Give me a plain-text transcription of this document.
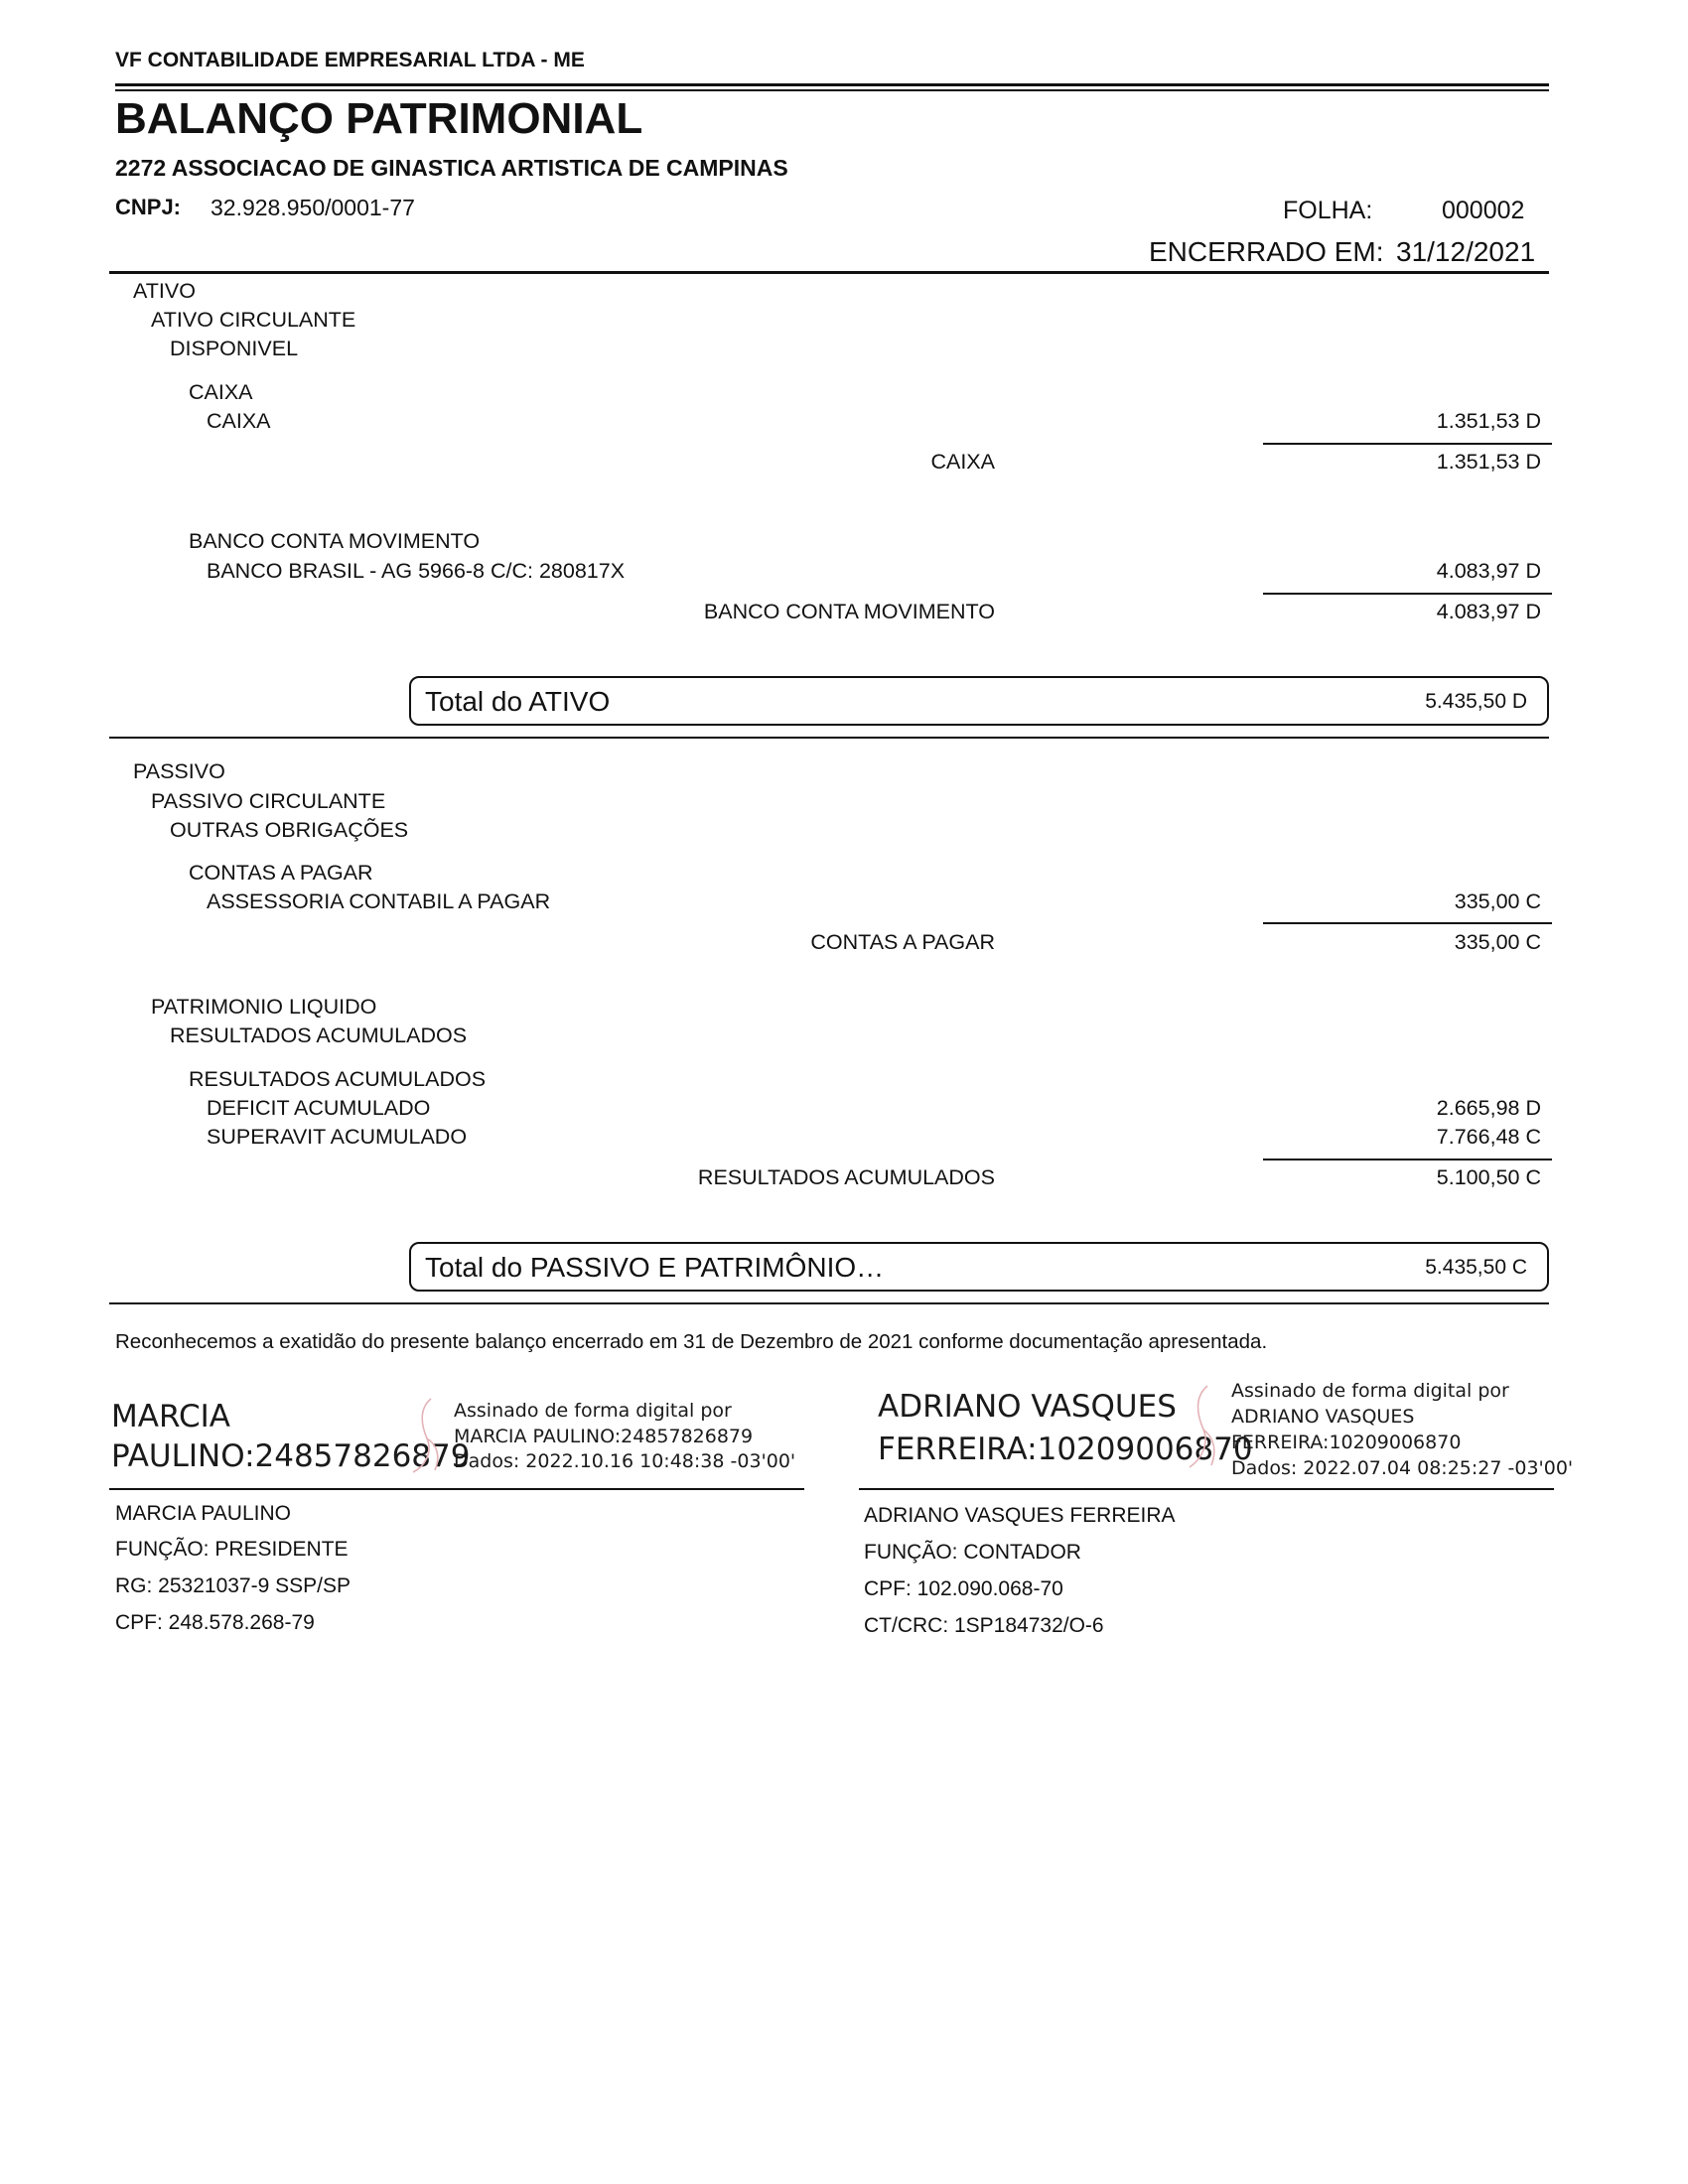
VF CONTABILIDADE EMPRESARIAL LTDA - ME
BALANÇO PATRIMONIAL
2272 ASSOCIACAO DE GINASTICA ARTISTICA DE CAMPINAS
CNPJ: 32.928.950/0001-77	FOLHA:	000002
ENCERRADO EM: 31/12/2021
ATIVO
ATIVO CIRCULANTE
DISPONIVEL
CAIXA
CAIXA	1.351,53 D
CAIXA	1.351,53 D
BANCO CONTA MOVIMENTO
BANCO BRASIL - AG 5966-8 C/C: 280817X	4.083,97 D
BANCO CONTA MOVIMENTO	4.083,97 D
Total do ATIVO	5.435,50 D
PASSIVO
PASSIVO CIRCULANTE
OUTRAS OBRIGAÇÕES
CONTAS A PAGAR
ASSESSORIA CONTABIL A PAGAR	335,00 C
CONTAS A PAGAR	335,00 C
PATRIMONIO LIQUIDO
RESULTADOS ACUMULADOS
RESULTADOS ACUMULADOS
DEFICIT ACUMULADO	2.665,98 D
SUPERAVIT ACUMULADO	7.766,48 C
RESULTADOS ACUMULADOS	5.100,50 C
Total do PASSIVO E PATRIMÔNIO…	5.435,50 C
Reconhecemos a exatidão do presente balanço encerrado em 31 de Dezembro de 2021 conforme documentação apresentada.
MARCIA
PAULINO:24857826879
Assinado de forma digital por
MARCIA PAULINO:24857826879
Dados: 2022.10.16 10:48:38 -03'00'
MARCIA PAULINO
FUNÇÃO: PRESIDENTE
RG: 25321037-9 SSP/SP
CPF: 248.578.268-79
ADRIANO VASQUES
FERREIRA:10209006870
Assinado de forma digital por
ADRIANO VASQUES
FERREIRA:10209006870
Dados: 2022.07.04 08:25:27 -03'00'
ADRIANO VASQUES FERREIRA
FUNÇÃO: CONTADOR
CPF: 102.090.068-70
CT/CRC: 1SP184732/O-6
